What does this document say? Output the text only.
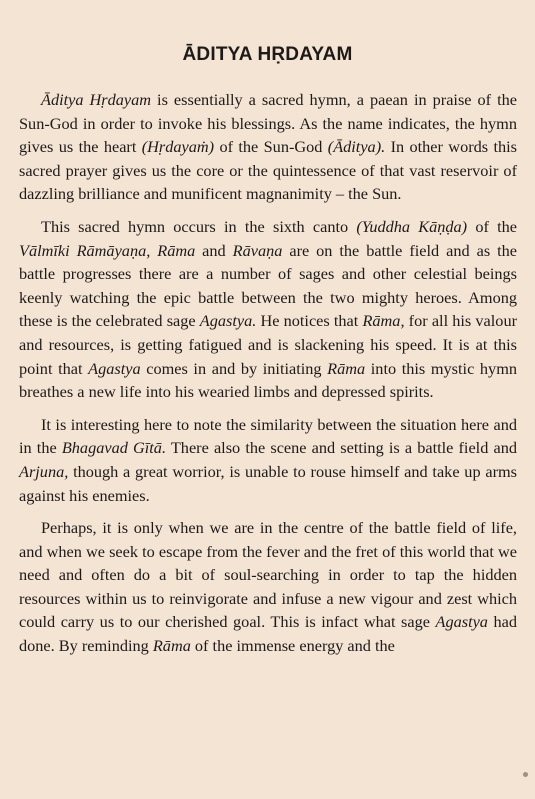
ĀDITYA HṚDAYAM

Āditya Hṛdayam is essentially a sacred hymn, a paean in praise of the Sun-God in order to invoke his blessings. As the name indicates, the hymn gives us the heart (Hṛdayaṁ) of the Sun-God (Āditya). In other words this sacred prayer gives us the core or the quintessence of that vast reservoir of dazzling brilliance and munificent magnanimity – the Sun.

This sacred hymn occurs in the sixth canto (Yuddha Kāṇḍa) of the Vālmīki Rāmāyaṇa, Rāma and Rāvaṇa are on the battle field and as the battle progresses there are a number of sages and other celestial beings keenly watching the epic battle between the two mighty heroes. Among these is the celebrated sage Agastya. He notices that Rāma, for all his valour and resources, is getting fatigued and is slackening his speed. It is at this point that Agastya comes in and by initiating Rāma into this mystic hymn breathes a new life into his wearied limbs and depressed spirits.

It is interesting here to note the similarity between the situation here and in the Bhagavad Gītā. There also the scene and setting is a battle field and Arjuna, though a great worrior, is unable to rouse himself and take up arms against his enemies.

Perhaps, it is only when we are in the centre of the battle field of life, and when we seek to escape from the fever and the fret of this world that we need and often do a bit of soul-searching in order to tap the hidden resources within us to reinvigorate and infuse a new vigour and zest which could carry us to our cherished goal. This is infact what sage Agastya had done. By reminding Rāma of the immense energy and the
